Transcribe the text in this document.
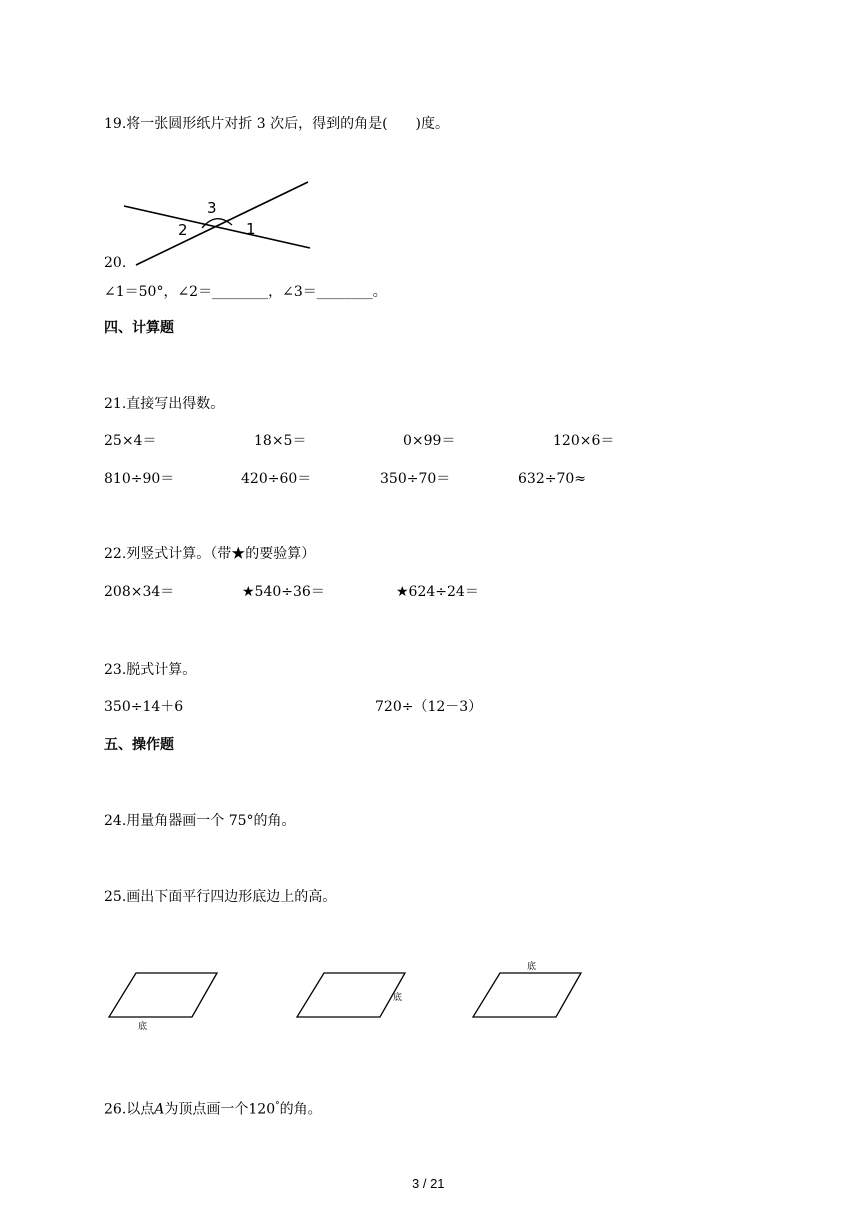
19.将一张圆形纸片对折 3 次后，得到的角是(　　)度。
3
2	1
20.
∠1＝50°，∠2＝________，∠3＝________。
四、计算题
21.直接写出得数。
25×4＝	18×5＝	0×99＝	120×6＝
810÷90＝	420÷60＝	350÷70＝	632÷70≈
22.列竖式计算。（带★的要验算）
208×34＝	★540÷36＝	★624÷24＝
23.脱式计算。
350÷14＋6	720÷（12－3）
五、操作题
24.用量角器画一个 75°的角。
25.画出下面平行四边形底边上的高。
底
底
底
26.以点A为顶点画一个120°的角。
3 / 21
